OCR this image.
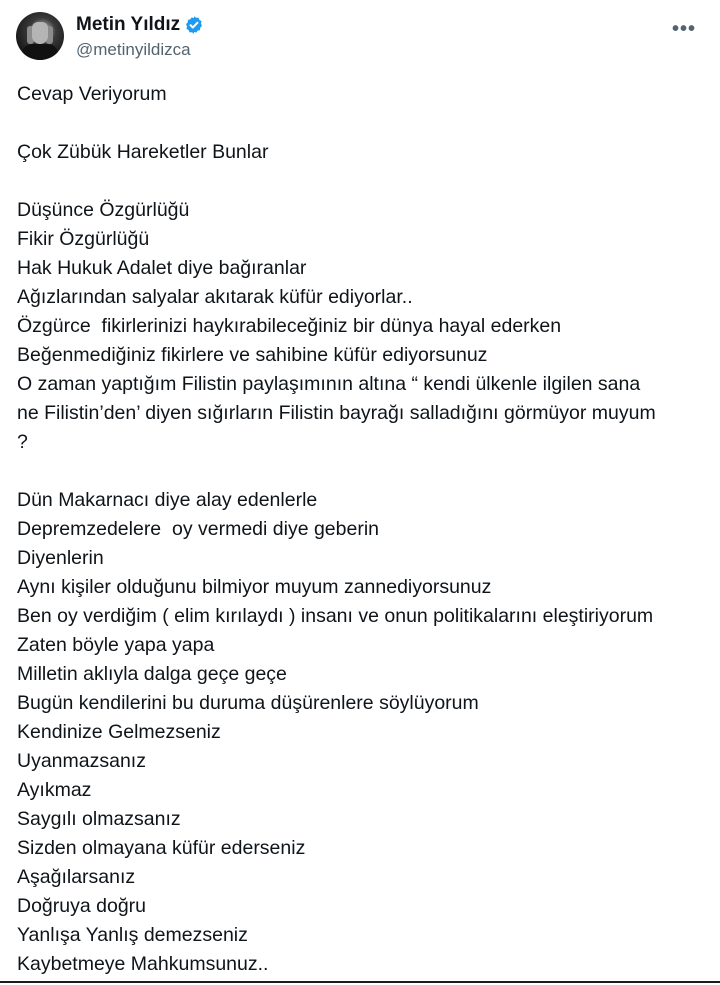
Metin Yıldız
@metinyildizca
•••
Cevap Veriyorum
Çok Zübük Hareketler Bunlar
Düşünce Özgürlüğü
Fikir Özgürlüğü
Hak Hukuk Adalet diye bağıranlar
Ağızlarından salyalar akıtarak küfür ediyorlar..
Özgürce  fikirlerinizi haykırabileceğiniz bir dünya hayal ederken
Beğenmediğiniz fikirlere ve sahibine küfür ediyorsunuz
O zaman yaptığım Filistin paylaşımının altına “ kendi ülkenle ilgilen sana
ne Filistin’den’ diyen sığırların Filistin bayrağı salladığını görmüyor muyum
?
Dün Makarnacı diye alay edenlerle
Depremzedelere  oy vermedi diye geberin
Diyenlerin
Aynı kişiler olduğunu bilmiyor muyum zannediyorsunuz
Ben oy verdiğim ( elim kırılaydı ) insanı ve onun politikalarını eleştiriyorum
Zaten böyle yapa yapa
Milletin aklıyla dalga geçe geçe
Bugün kendilerini bu duruma düşürenlere söylüyorum
Kendinize Gelmezseniz
Uyanmazsanız
Ayıkmaz
Saygılı olmazsanız
Sizden olmayana küfür ederseniz
Aşağılarsanız
Doğruya doğru
Yanlışa Yanlış demezseniz
Kaybetmeye Mahkumsunuz..
